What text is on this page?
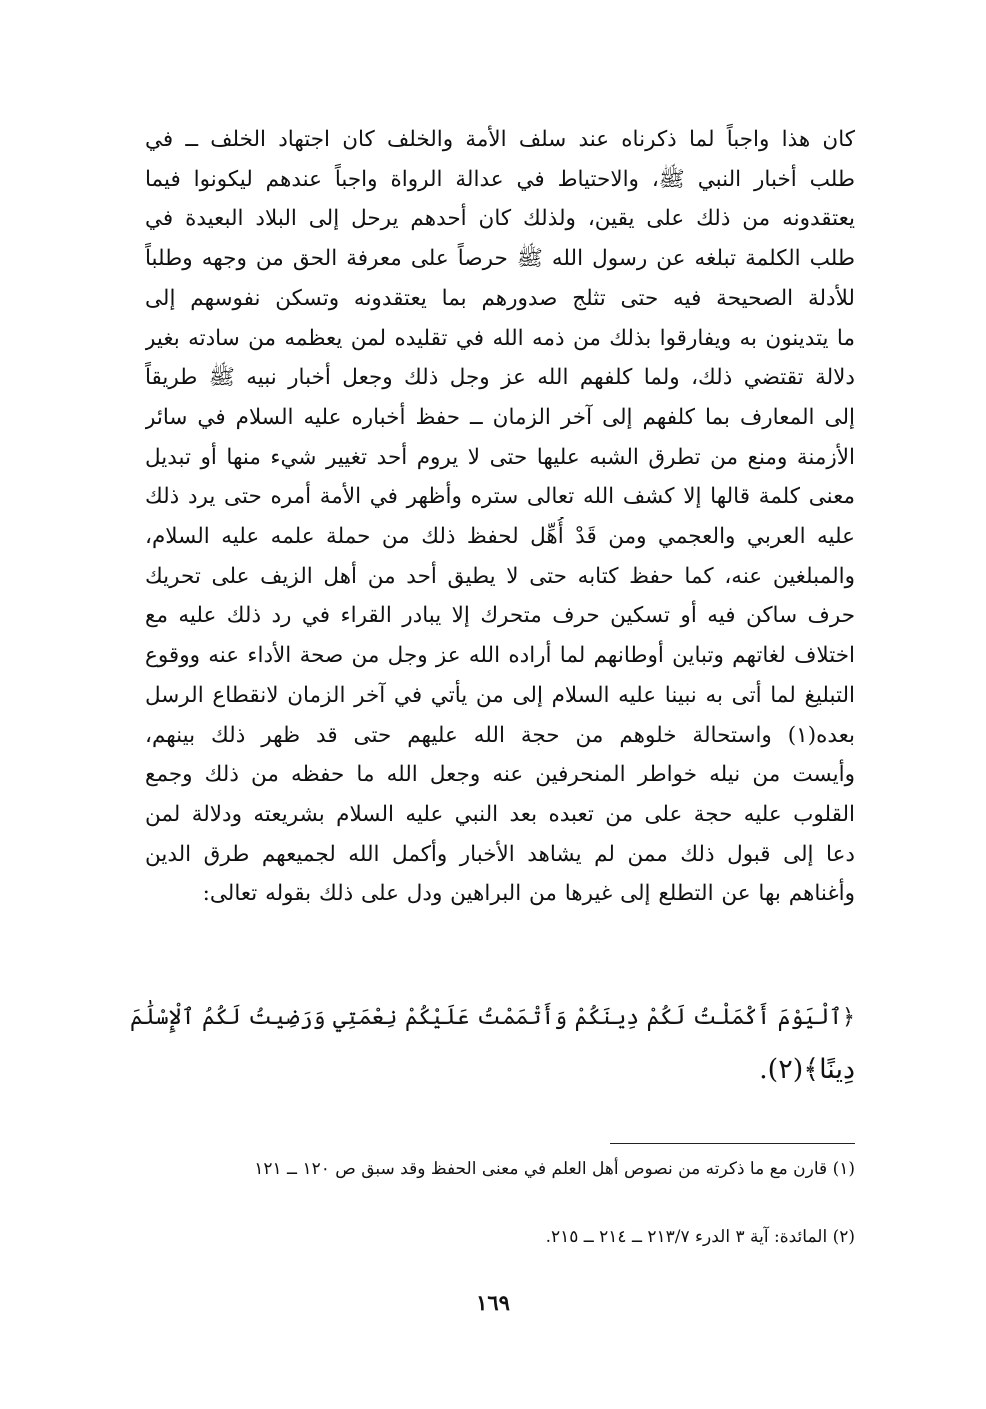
كان هذا واجباً لما ذكرناه عند سلف الأمة والخلف كان اجتهاد الخلف ــ في
طلب أخبار النبي ﷺ، والاحتياط في عدالة الرواة واجباً عندهم ليكونوا فيما
يعتقدونه من ذلك على يقين، ولذلك كان أحدهم يرحل إلى البلاد البعيدة في
طلب الكلمة تبلغه عن رسول الله ﷺ حرصاً على معرفة الحق من وجهه وطلباً
للأدلة الصحيحة فيه حتى تثلج صدورهم بما يعتقدونه وتسكن نفوسهم إلى
ما يتدينون به ويفارقوا بذلك من ذمه الله في تقليده لمن يعظمه من سادته بغير
دلالة تقتضي ذلك، ولما كلفهم الله عز وجل ذلك وجعل أخبار نبيه ﷺ طريقاً
إلى المعارف بما كلفهم إلى آخر الزمان ــ حفظ أخباره عليه السلام في سائر
الأزمنة ومنع من تطرق الشبه عليها حتى لا يروم أحد تغيير شيء منها أو تبديل
معنى كلمة قالها إلا كشف الله تعالى ستره وأظهر في الأمة أمره حتى يرد ذلك
عليه العربي والعجمي ومن قَدْ أُهِّل لحفظ ذلك من حملة علمه عليه السلام،
والمبلغين عنه، كما حفظ كتابه حتى لا يطيق أحد من أهل الزيف على تحريك
حرف ساكن فيه أو تسكين حرف متحرك إلا يبادر القراء في رد ذلك عليه مع
اختلاف لغاتهم وتباين أوطانهم لما أراده الله عز وجل من صحة الأداء عنه ووقوع
التبليغ لما أتى به نبينا عليه السلام إلى من يأتي في آخر الزمان لانقطاع الرسل
بعده(١) واستحالة خلوهم من حجة الله عليهم حتى قد ظهر ذلك بينهم،
وأيست من نيله خواطر المنحرفين عنه وجعل الله ما حفظه من ذلك وجمع
القلوب عليه حجة على من تعبده بعد النبي عليه السلام بشريعته ودلالة لمن
دعا إلى قبول ذلك ممن لم يشاهد الأخبار وأكمل الله لجميعهم طرق الدين
وأغناهم بها عن التطلع إلى غيرها من البراهين ودل على ذلك بقوله تعالى:
﴿ٱلْيَوْمَ أَكْمَلْتُ لَكُمْ دِينَكُمْ وَأَتْمَمْتُ عَلَيْكُمْ نِعْمَتِي وَرَضِيتُ لَكُمُ ٱلْإِسْلَٰمَ
دِينًا﴾(٢).
(١) قارن مع ما ذكرته من نصوص أهل العلم في معنى الحفظ وقد سبق ص ١٢٠ ــ ١٢١
(٢) المائدة: آية ٣ الدرء ٢١٣/٧ ــ ٢١٤ ــ ٢١٥.
١٦٩
